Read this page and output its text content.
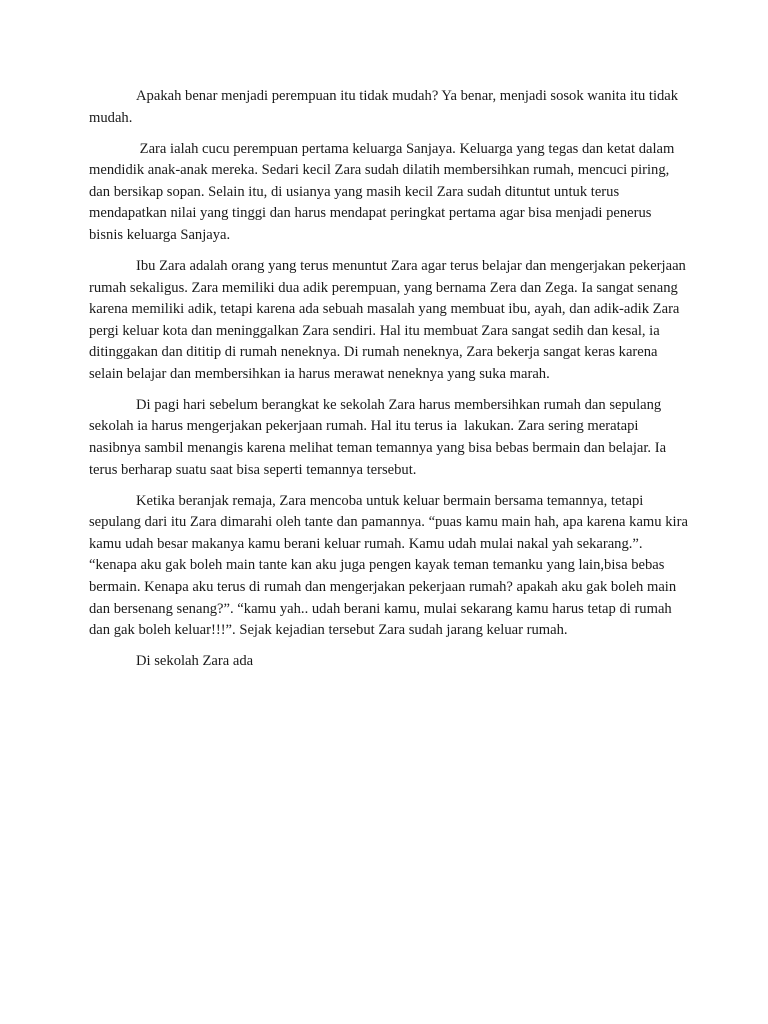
Apakah benar menjadi perempuan itu tidak mudah? Ya benar, menjadi sosok wanita itu tidak mudah.

Zara ialah cucu perempuan pertama keluarga Sanjaya. Keluarga yang tegas dan ketat dalam mendidik anak-anak mereka. Sedari kecil Zara sudah dilatih membersihkan rumah, mencuci piring, dan bersikap sopan. Selain itu, di usianya yang masih kecil Zara sudah dituntut untuk terus mendapatkan nilai yang tinggi dan harus mendapat peringkat pertama agar bisa menjadi penerus bisnis keluarga Sanjaya.

Ibu Zara adalah orang yang terus menuntut Zara agar terus belajar dan mengerjakan pekerjaan rumah sekaligus. Zara memiliki dua adik perempuan, yang bernama Zera dan Zega. Ia sangat senang karena memiliki adik, tetapi karena ada sebuah masalah yang membuat ibu, ayah, dan adik-adik Zara pergi keluar kota dan meninggalkan Zara sendiri. Hal itu membuat Zara sangat sedih dan kesal, ia ditinggakan dan dititip di rumah neneknya. Di rumah neneknya, Zara bekerja sangat keras karena selain belajar dan membersihkan ia harus merawat neneknya yang suka marah.

Di pagi hari sebelum berangkat ke sekolah Zara harus membersihkan rumah dan sepulang sekolah ia harus mengerjakan pekerjaan rumah. Hal itu terus ia  lakukan. Zara sering meratapi nasibnya sambil menangis karena melihat teman temannya yang bisa bebas bermain dan belajar. Ia terus berharap suatu saat bisa seperti temannya tersebut.

Ketika beranjak remaja, Zara mencoba untuk keluar bermain bersama temannya, tetapi sepulang dari itu Zara dimarahi oleh tante dan pamannya. “puas kamu main hah, apa karena kamu kira kamu udah besar makanya kamu berani keluar rumah. Kamu udah mulai nakal yah sekarang.”. “kenapa aku gak boleh main tante kan aku juga pengen kayak teman temanku yang lain,bisa bebas bermain. Kenapa aku terus di rumah dan mengerjakan pekerjaan rumah? apakah aku gak boleh main dan bersenang senang?”. “kamu yah.. udah berani kamu, mulai sekarang kamu harus tetap di rumah dan gak boleh keluar!!!”. Sejak kejadian tersebut Zara sudah jarang keluar rumah.

Di sekolah Zara ada
